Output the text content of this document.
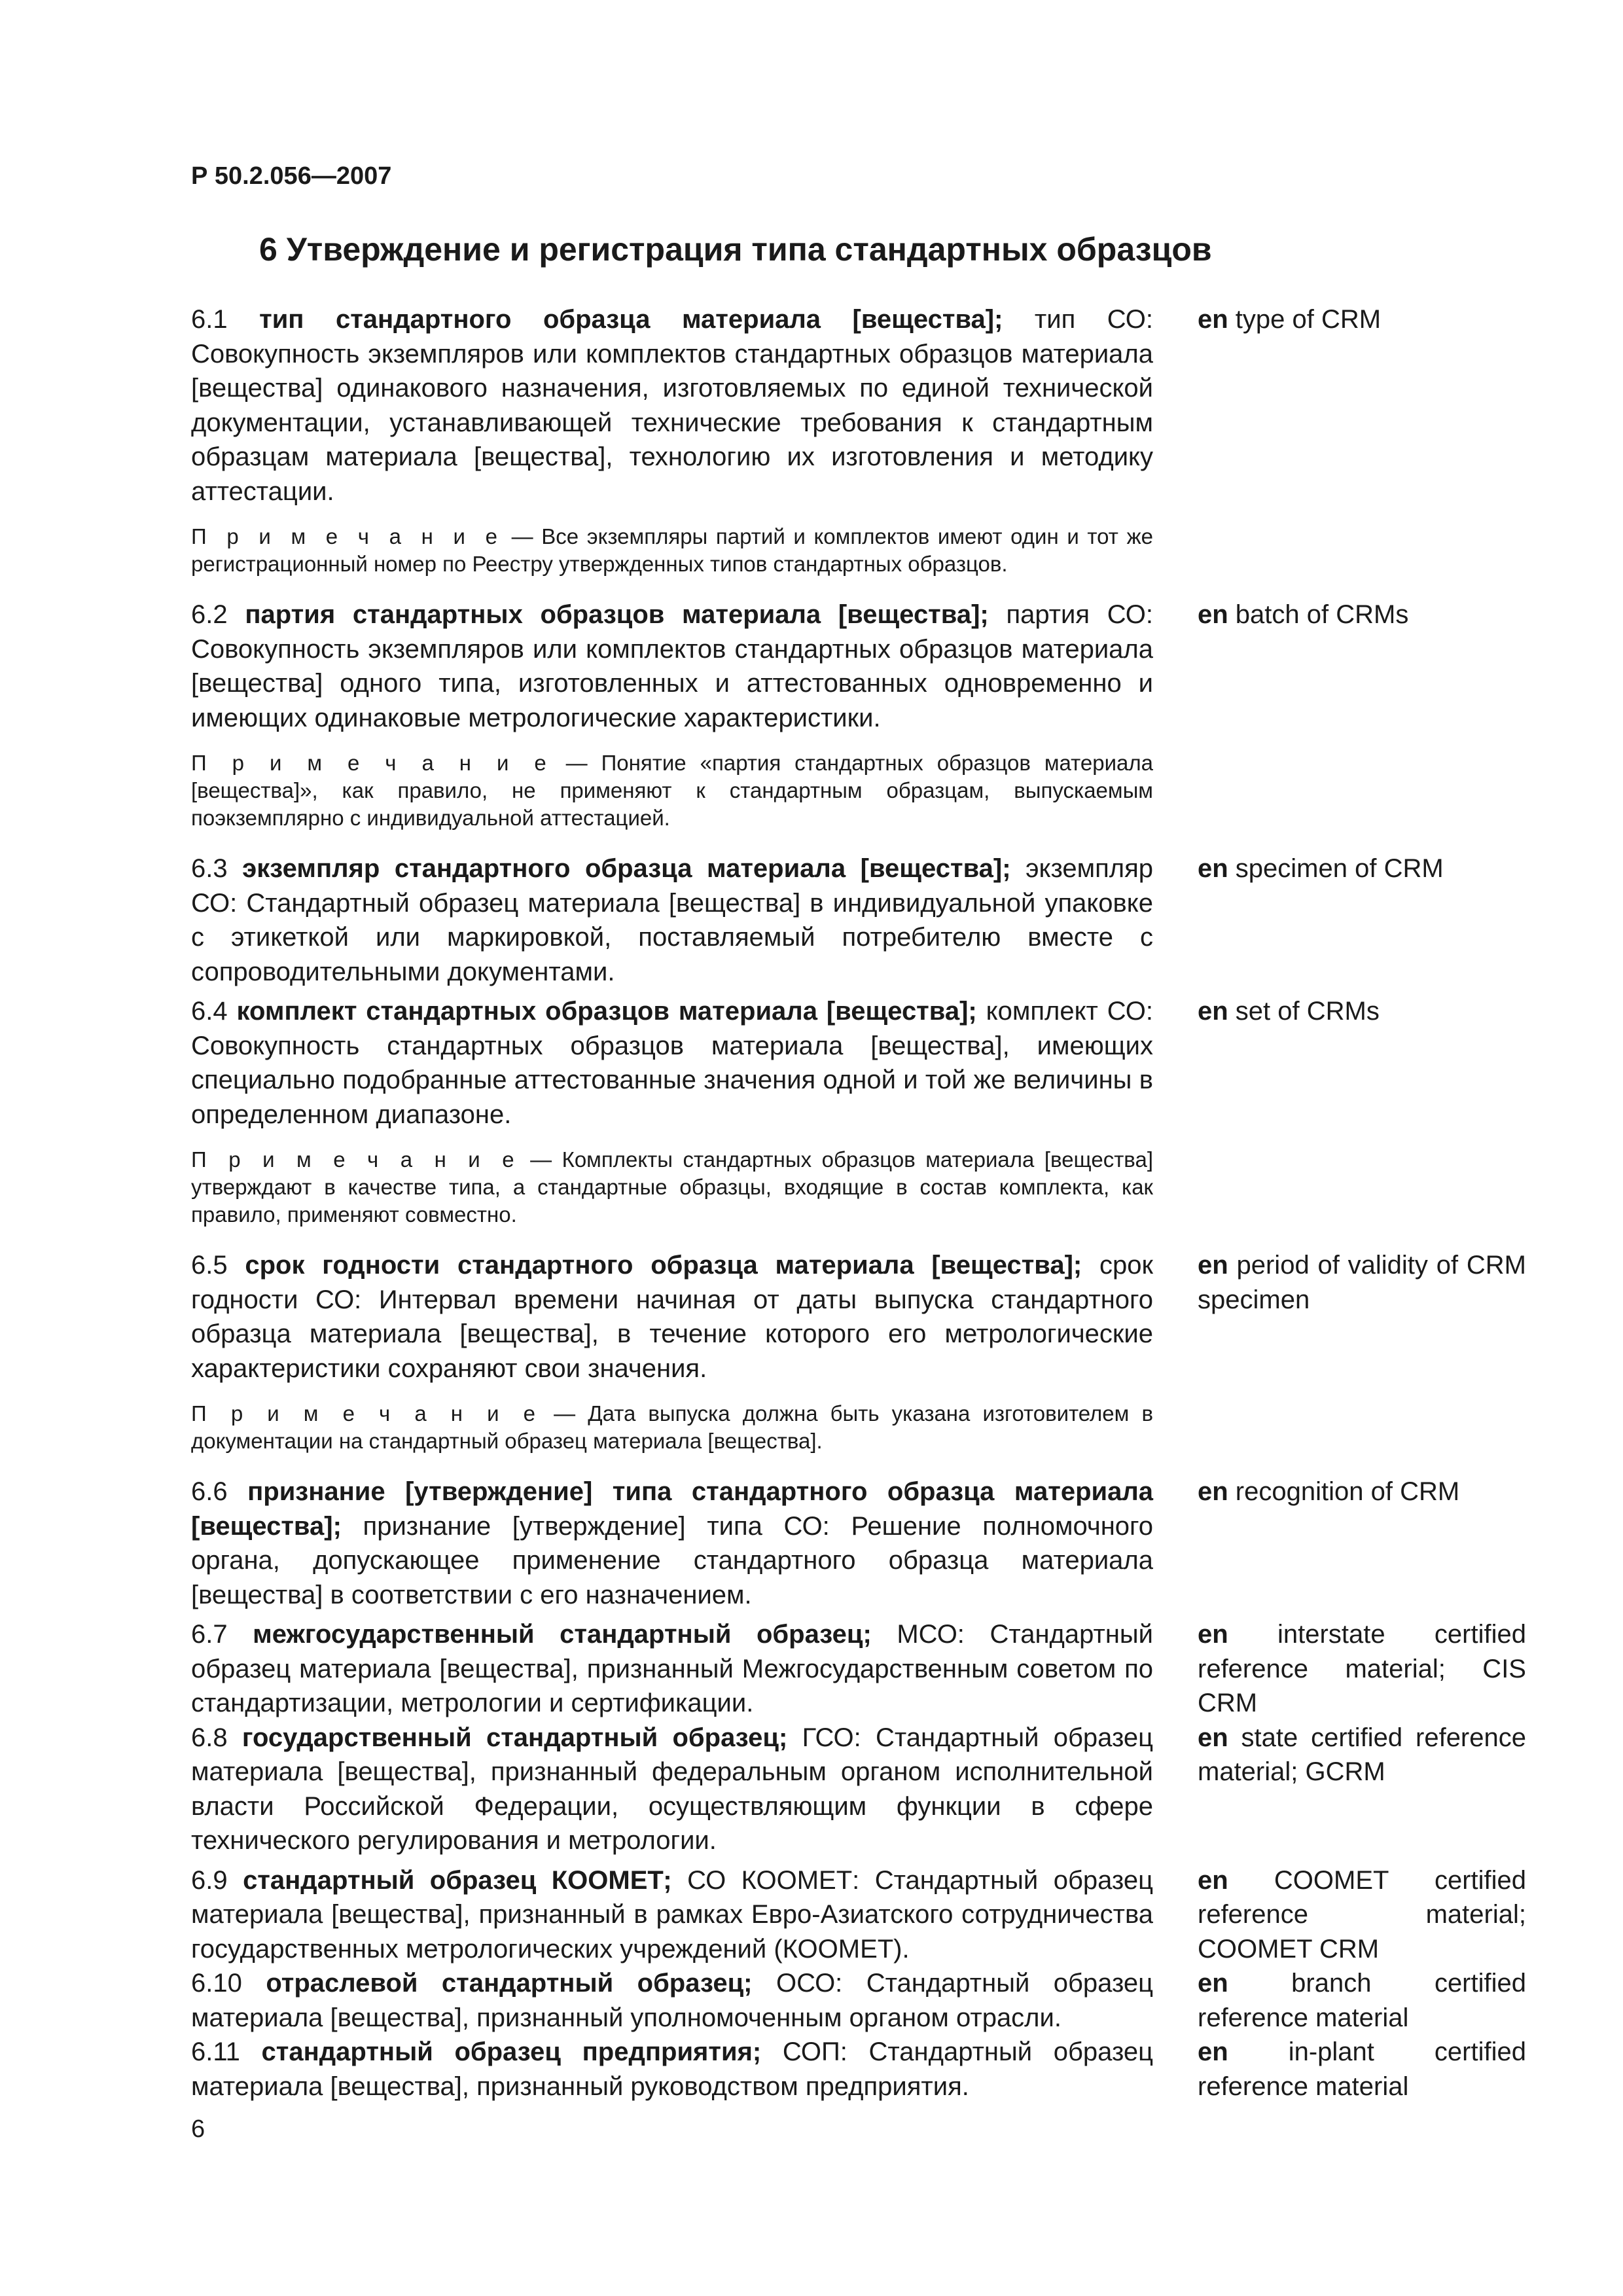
Р 50.2.056—2007
6 Утверждение и регистрация типа стандартных образцов
6.1 тип стандартного образца материала [вещества]; тип СО: Совокупность экземпляров или комплектов стандартных образцов материала [вещества] одинакового назначения, изготовляемых по единой технической документации, устанавливающей технические требования к стандартным образцам материала [вещества], технологию их изготовления и методику аттестации.
en type of CRM
П р и м е ч а н и е — Все экземпляры партий и комплектов имеют один и тот же регистрационный номер по Реестру утвержденных типов стандартных образцов.
6.2 партия стандартных образцов материала [вещества]; партия СО: Совокупность экземпляров или комплектов стандартных образцов материала [вещества] одного типа, изготовленных и аттестованных одновременно и имеющих одинаковые метрологические характеристики.
en batch of CRMs
П р и м е ч а н и е — Понятие «партия стандартных образцов материала [вещества]», как правило, не применяют к стандартным образцам, выпускаемым поэкземплярно с индивидуальной аттестацией.
6.3 экземпляр стандартного образца материала [вещества]; экземпляр СО: Стандартный образец материала [вещества] в индивидуальной упаковке с этикеткой или маркировкой, поставляемый потребителю вместе с сопроводительными документами.
en specimen of CRM
6.4 комплект стандартных образцов материала [вещества]; комплект СО: Совокупность стандартных образцов материала [вещества], имеющих специально подобранные аттестованные значения одной и той же величины в определенном диапазоне.
en set of CRMs
П р и м е ч а н и е — Комплекты стандартных образцов материала [вещества] утверждают в качестве типа, а стандартные образцы, входящие в состав комплекта, как правило, применяют совместно.
6.5 срок годности стандартного образца материала [вещества]; срок годности СО: Интервал времени начиная от даты выпуска стандартного образца материала [вещества], в течение которого его метрологические характеристики сохраняют свои значения.
en period of validity of CRM specimen
П р и м е ч а н и е — Дата выпуска должна быть указана изготовителем в документации на стандартный образец материала [вещества].
6.6 признание [утверждение] типа стандартного образца материала [вещества]; признание [утверждение] типа СО: Решение полномочного органа, допускающее применение стандартного образца материала [вещества] в соответствии с его назначением.
en recognition of CRM
6.7 межгосударственный стандартный образец; МСО: Стандартный образец материала [вещества], признанный Межгосударственным советом по стандартизации, метрологии и сертификации.
en interstate certified reference material; CIS CRM
6.8 государственный стандартный образец; ГСО: Стандартный образец материала [вещества], признанный федеральным органом исполнительной власти Российской Федерации, осуществляющим функции в сфере технического регулирования и метрологии.
en state certified reference material; GCRM
6.9 стандартный образец КООМЕТ; СО КООМЕТ: Стандартный образец материала [вещества], признанный в рамках Евро-Азиатского сотрудничества государственных метрологических учреждений (КООМЕТ).
en COOMET certified reference material; COOMET CRM
6.10 отраслевой стандартный образец; ОСО: Стандартный образец материала [вещества], признанный уполномоченным органом отрасли.
en branch certified reference material
6.11 стандартный образец предприятия; СОП: Стандартный образец материала [вещества], признанный руководством предприятия.
en in-plant certified reference material
6
